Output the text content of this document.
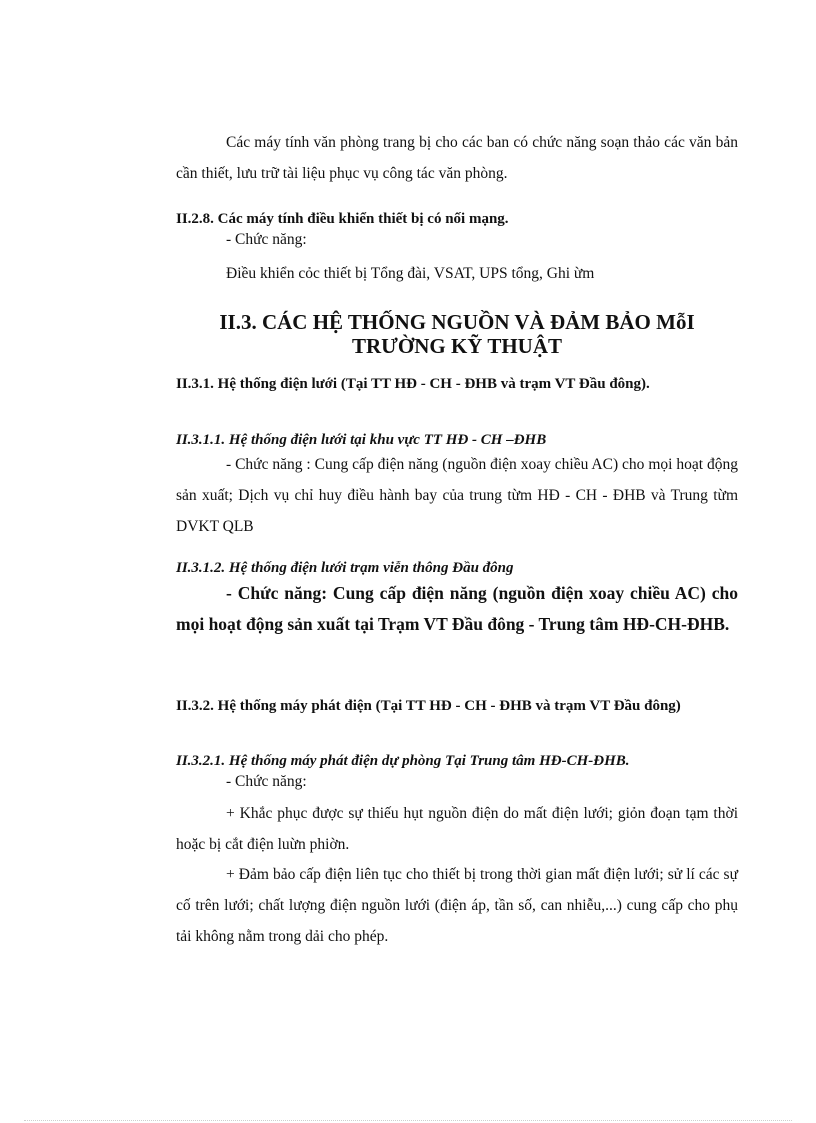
Các máy tính văn phòng trang bị cho các ban có chức năng soạn thảo các văn bản cần thiết, lưu trữ tài liệu phục vụ công tác văn phòng.

II.2.8. Các máy tính điều khiển thiết bị có nối mạng.

- Chức năng:

Điều khiển cỏc thiết bị Tổng đài, VSAT, UPS tổng, Ghi ừm

II.3. CÁC HỆ THỐNG NGUỒN VÀ ĐẢM BẢO MỗI

TRƯỜNG KỸ THUẬT

II.3.1. Hệ thống điện lưới (Tại TT HĐ - CH - ĐHB và trạm VT Đầu đông).

II.3.1.1. Hệ thống điện lưới tại khu vực TT HĐ - CH –ĐHB

- Chức năng : Cung cấp điện năng (nguồn điện xoay chiều AC) cho mọi hoạt động sản xuất; Dịch vụ chỉ huy điều hành bay của trung từm HĐ - CH - ĐHB và Trung từm DVKT QLB

II.3.1.2. Hệ thống điện lưới trạm viễn thông Đầu đông

- Chức năng: Cung cấp điện năng (nguồn điện xoay chiều AC) cho mọi hoạt động sản xuất tại Trạm VT Đầu đông - Trung tâm HĐ-CH-ĐHB.

II.3.2. Hệ thống máy phát điện (Tại TT HĐ - CH - ĐHB và trạm VT Đầu đông)

II.3.2.1. Hệ thống máy phát điện dự phòng Tại Trung tâm HĐ-CH-ĐHB.

- Chức năng:

+ Khắc phục được sự thiếu hụt nguồn điện do mất điện lưới; giỏn đoạn tạm thời hoặc bị cắt điện luừn phiờn.

+ Đảm bảo cấp điện liên tục cho thiết bị trong thời gian mất điện lưới; sử lí các sự cố trên lưới; chất lượng điện nguồn lưới (điện áp, tần số, can nhiễu,...) cung cấp cho phụ tải không nằm trong dải cho phép.
